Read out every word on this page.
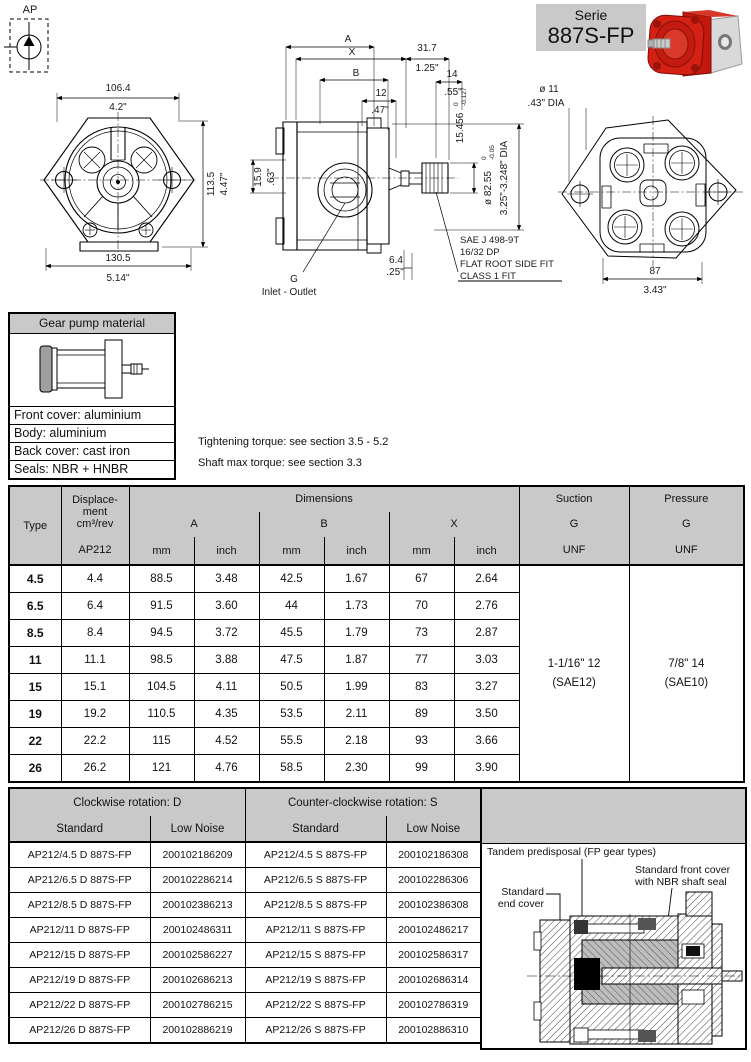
AP
106.4
4.2"
113.5 4.47"
130.5
5.14"
A
X
B
31.7
1.25"
14
.55"
12
.47"
15.9 .63"
6.4
.25"
15.456
0 -0.127
ø 82.55
0 -0.05 3.25"-3.248" DIA
G
Inlet - Outlet
SAE J 498-9T
16/32 DP
FLAT ROOT SIDE FIT
CLASS 1 FIT
ø 11
.43" DIA
87
3.43"
Serie
887S-FP
Gear pump material
Front cover: aluminium
Body: aluminium
Back cover: cast iron
Seals: NBR + HNBR
Tightening torque: see section 3.5 - 5.2
Shaft max torque: see section 3.3
Type	
Displace-
ment
cm³/rev
AP212
	Dimensions	Suction
G
UNF

Pressure
G
UNF

		A		B		X			
		mm	inch	mm	inch	mm	inch		
4.5	4.4	88.5	3.48	42.5	1.67	67	2.64	
1-1/16" 12
(SAE12)

7/8" 14
(SAE10)

6.5	6.4	91.5	3.60	44	1.73	70	2.76		
8.5	8.4	94.5	3.72	45.5	1.79	73	2.87		
11	11.1	98.5	3.88	47.5	1.87	77	3.03		
15	15.1	104.5	4.11	50.5	1.99	83	3.27		
19	19.2	110.5	4.35	53.5	2.11	89	3.50		
22	22.2	115	4.52	55.5	2.18	93	3.66		
26	26.2	121	4.76	58.5	2.30	99	3.90		
Clockwise rotation: D		Counter-clockwise rotation: S	
Standard	Low Noise	Standard	Low Noise
AP212/4.5 D 887S-FP	200102186209	AP212/4.5 S 887S-FP	200102186308
AP212/6.5 D 887S-FP	200102286214	AP212/6.5 S 887S-FP	200102286306
AP212/8.5 D 887S-FP	200102386213	AP212/8.5 S 887S-FP	200102386308
AP212/11 D 887S-FP	200102486311	AP212/11 S 887S-FP	200102486217
AP212/15 D 887S-FP	200102586227	AP212/15 S 887S-FP	200102586317
AP212/19 D 887S-FP	200102686213	AP212/19 S 887S-FP	200102686314
AP212/22 D 887S-FP	200102786215	AP212/22 S 887S-FP	200102786319
AP212/26 D 887S-FP	200102886219	AP212/26 S 887S-FP	200102886310
Tandem predisposal (FP gear types)
Standard
end cover
Standard front cover
with NBR shaft seal
